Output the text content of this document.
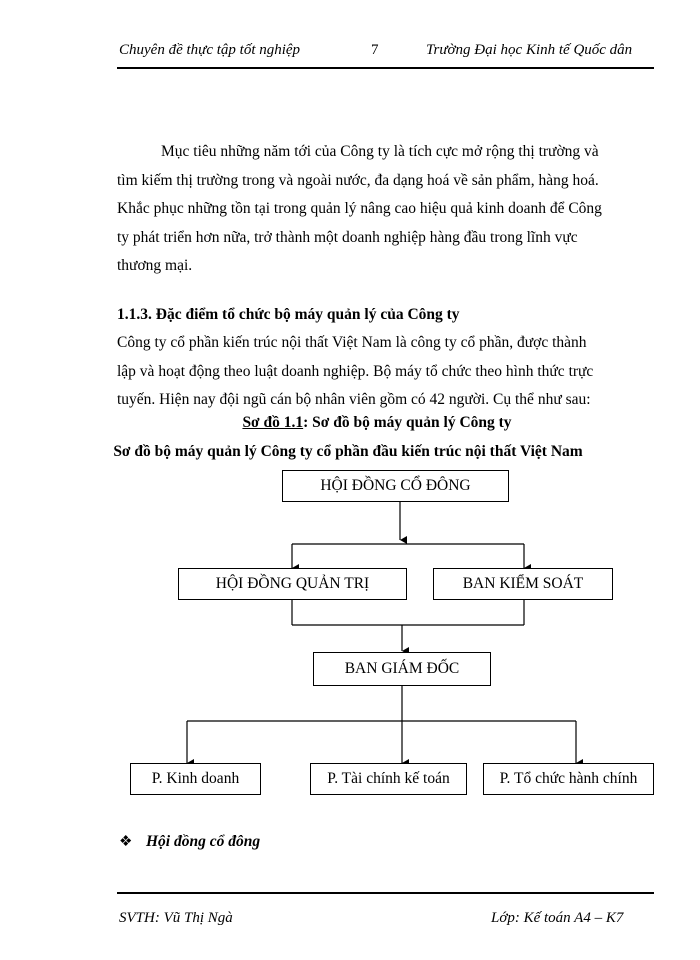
Chuyên đề thực tập tốt nghiệp	7	Trường Đại học Kinh tế Quốc dân
Mục tiêu những năm tới của Công ty là tích cực mở rộng thị trường và
tìm kiếm thị trường trong và ngoài nước, đa dạng hoá về sản phẩm, hàng hoá.
Khắc phục những tồn tại trong quản lý nâng cao hiệu quả kinh doanh để Công
ty phát triển hơn nữa, trở thành một doanh nghiệp hàng đầu trong lĩnh vực
thương mại.
1.1.3. Đặc điểm tổ chức bộ máy quản lý của Công ty
Công ty cổ phần kiến trúc nội thất Việt Nam là công ty cổ phần, được thành
lập và hoạt động theo luật doanh nghiệp. Bộ máy tổ chức theo hình thức trực
tuyến. Hiện nay đội ngũ cán bộ nhân viên gồm có 42 người. Cụ thể như sau:
Sơ đồ 1.1: Sơ đồ bộ máy quản lý Công ty
Sơ đồ bộ máy quản lý Công ty cổ phần đầu kiến trúc nội thất Việt Nam
HỘI ĐỒNG CỔ ĐÔNG
HỘI ĐỒNG QUẢN TRỊ	BAN KIỂM SOÁT
BAN GIÁM ĐỐC
P. Kinh doanh	P. Tài chính kế toán	P. Tổ chức hành chính
❖ Hội đồng cổ đông
SVTH: Vũ Thị Ngà	Lớp: Kế toán A4 – K7
